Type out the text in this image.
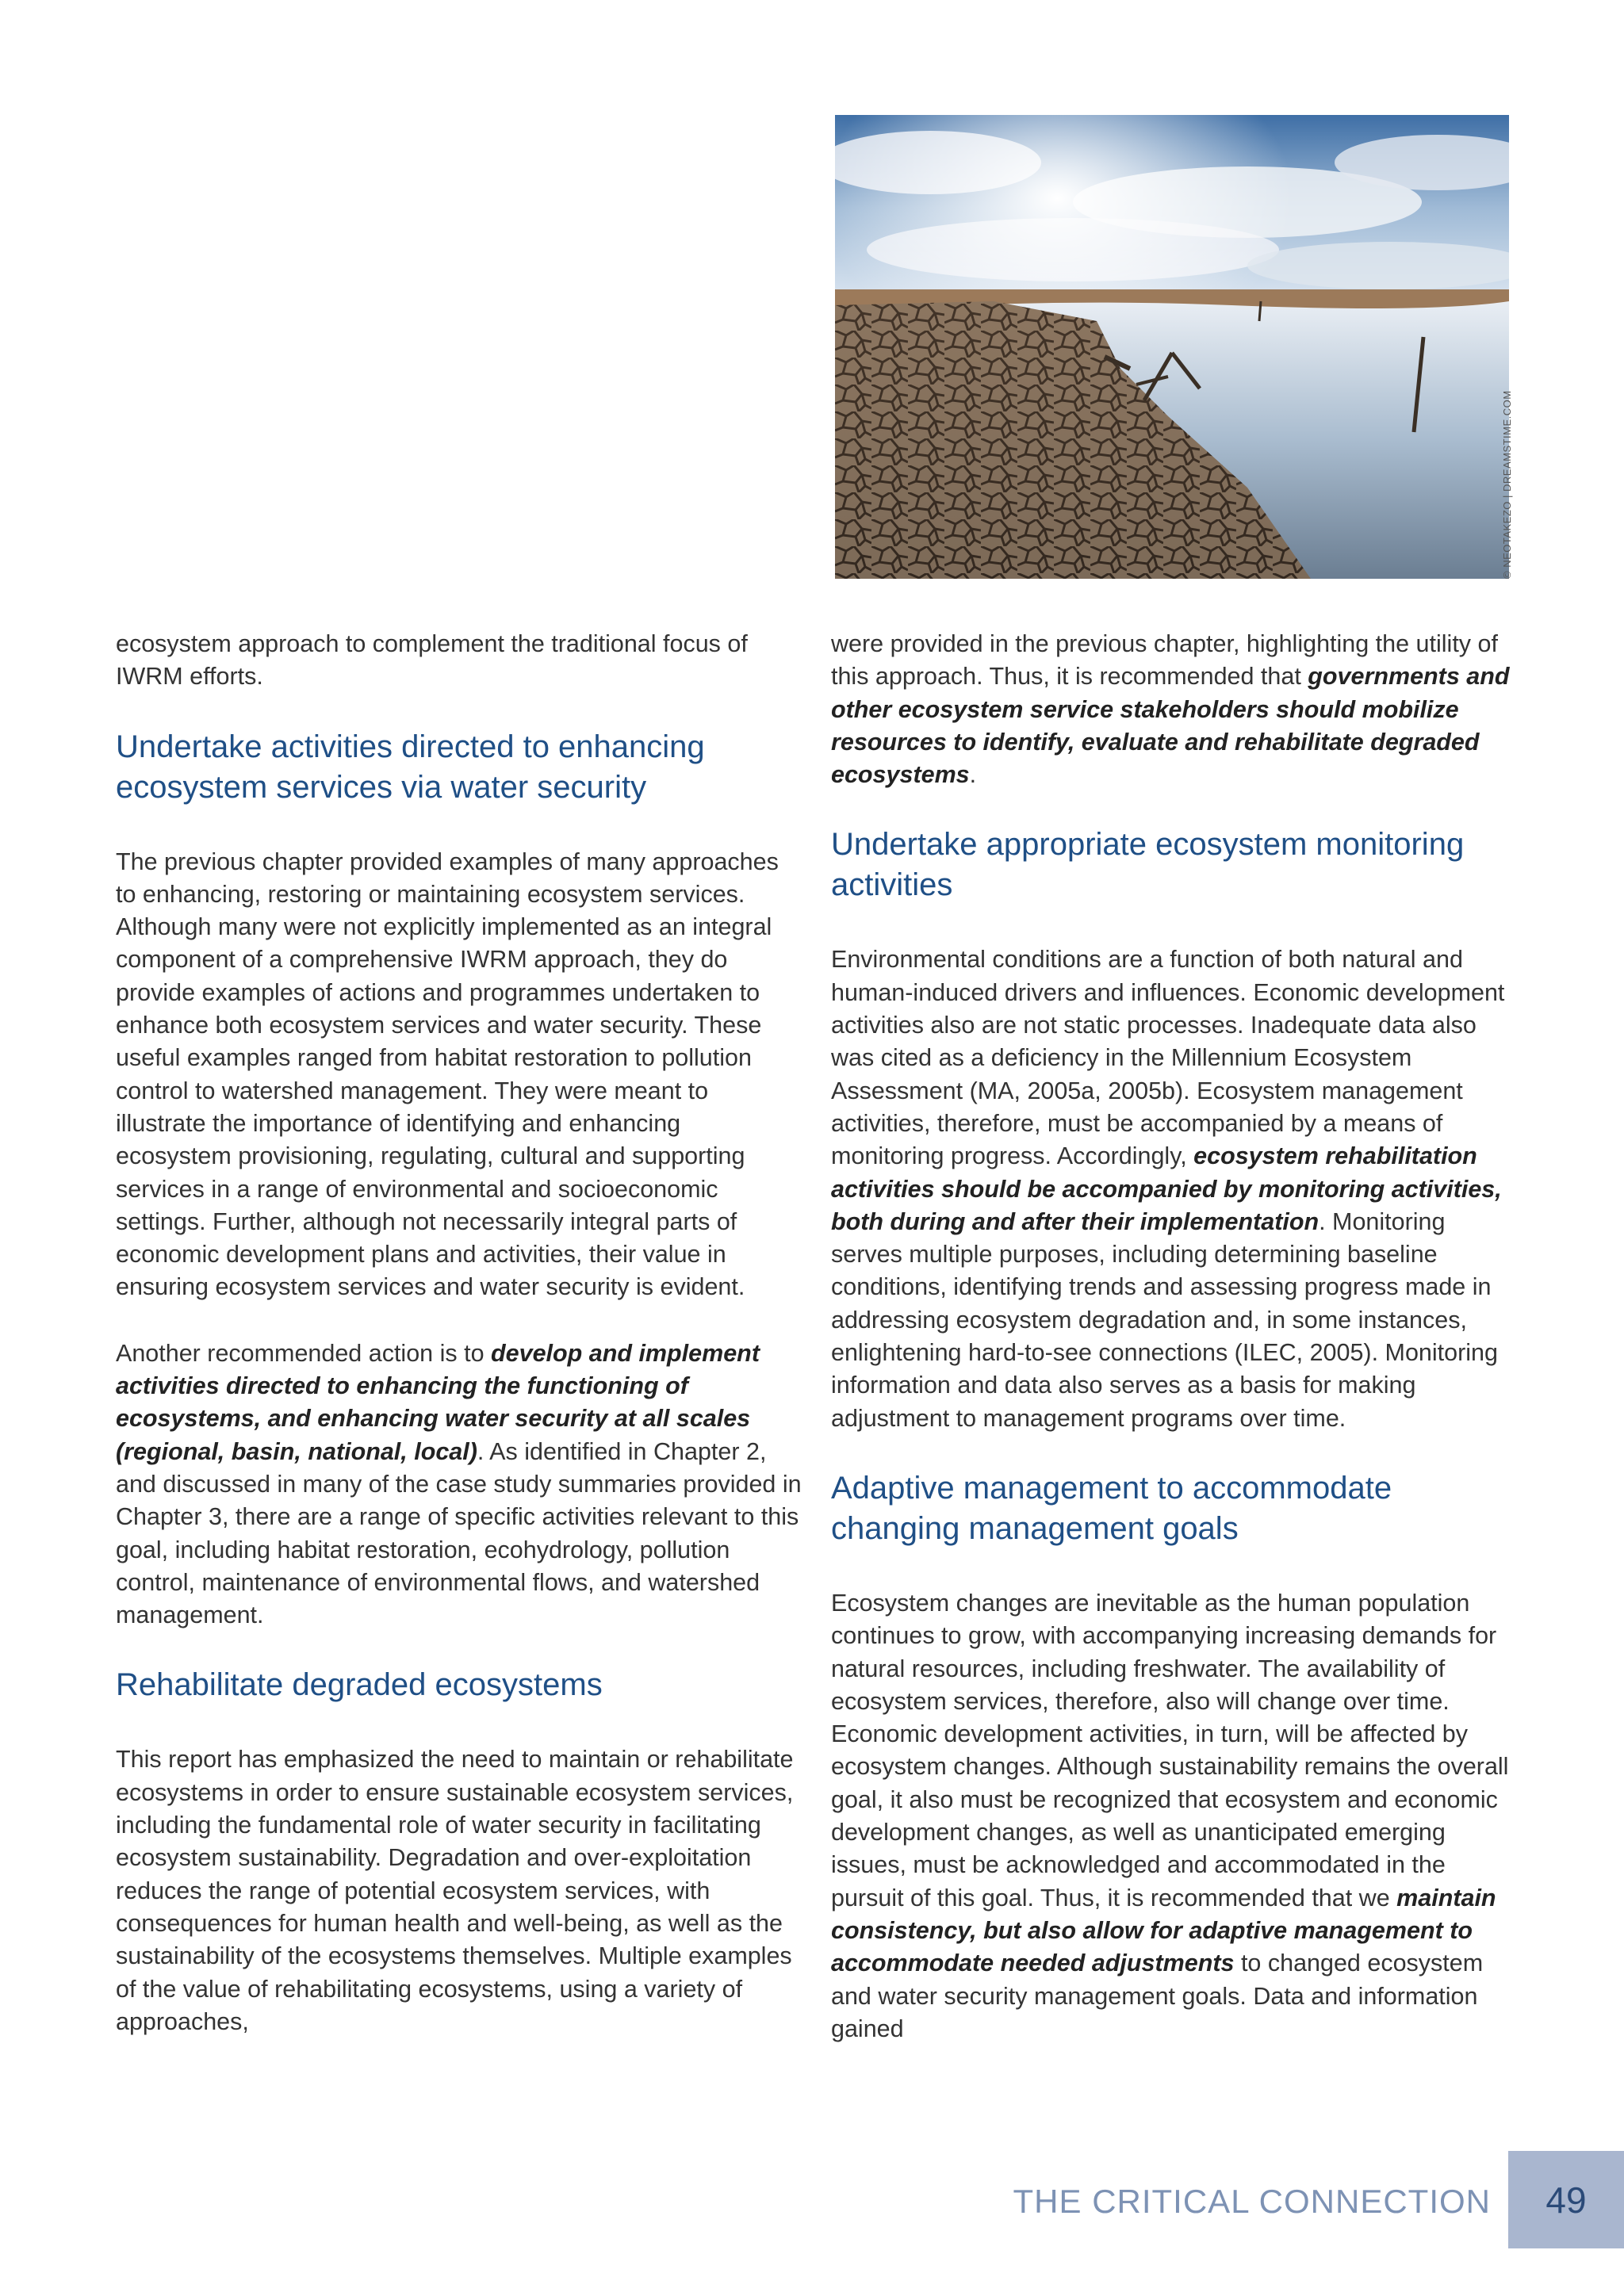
© NEOTAKEZO | DREAMSTIME.COM

ecosystem approach to complement the traditional focus of IWRM efforts.

Undertake activities directed to enhancing ecosystem services via water security

The previous chapter provided examples of many approaches to enhancing, restoring or maintaining ecosystem services. Although many were not explicitly implemented as an integral component of a comprehensive IWRM approach, they do provide examples of actions and programmes undertaken to enhance both ecosystem services and water security. These useful examples ranged from habitat restoration to pollution control to watershed management. They were meant to illustrate the importance of identifying and enhancing ecosystem provisioning, regulating, cultural and supporting services in a range of environmental and socioeconomic settings. Further, although not necessarily integral parts of economic development plans and activities, their value in ensuring ecosystem services and water security is evident.

Another recommended action is to develop and implement activities directed to enhancing the functioning of ecosystems, and enhancing water security at all scales (regional, basin, national, local). As identified in Chapter 2, and discussed in many of the case study summaries provided in Chapter 3, there are a range of specific activities relevant to this goal, including habitat restoration, ecohydrology, pollution control, maintenance of environmental flows, and watershed management.

Rehabilitate degraded ecosystems

This report has emphasized the need to maintain or rehabilitate ecosystems in order to ensure sustainable ecosystem services, including the fundamental role of water security in facilitating ecosystem sustainability. Degradation and over-exploitation reduces the range of potential ecosystem services, with consequences for human health and well-being, as well as the sustainability of the ecosystems themselves. Multiple examples of the value of rehabilitating ecosystems, using a variety of approaches,

were provided in the previous chapter, highlighting the utility of this approach. Thus, it is recommended that governments and other ecosystem service stakeholders should mobilize resources to identify, evaluate and rehabilitate degraded ecosystems.

Undertake appropriate ecosystem monitoring activities

Environmental conditions are a function of both natural and human-induced drivers and influences. Economic development activities also are not static processes. Inadequate data also was cited as a deficiency in the Millennium Ecosystem Assessment (MA, 2005a, 2005b). Ecosystem management activities, therefore, must be accompanied by a means of monitoring progress. Accordingly, ecosystem rehabilitation activities should be accompanied by monitoring activities, both during and after their implementation. Monitoring serves multiple purposes, including determining baseline conditions, identifying trends and assessing progress made in addressing ecosystem degradation and, in some instances, enlightening hard-to-see connections (ILEC, 2005). Monitoring information and data also serves as a basis for making adjustment to management programs over time.

Adaptive management to accommodate changing management goals

Ecosystem changes are inevitable as the human population continues to grow, with accompanying increasing demands for natural resources, including freshwater. The availability of ecosystem services, therefore, also will change over time. Economic development activities, in turn, will be affected by ecosystem changes. Although sustainability remains the overall goal, it also must be recognized that ecosystem and economic development changes, as well as unanticipated emerging issues, must be acknowledged and accommodated in the pursuit of this goal. Thus, it is recommended that we maintain consistency, but also allow for adaptive management to accommodate needed adjustments to changed ecosystem and water security management goals. Data and information gained

THE CRITICAL CONNECTION	49
